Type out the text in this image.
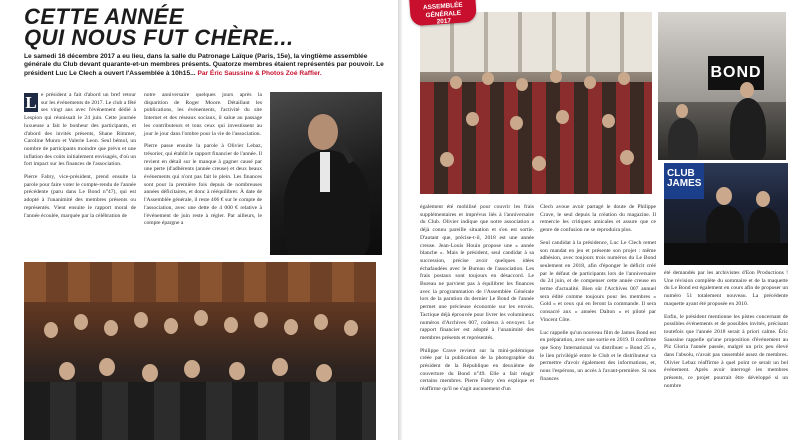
CETTE ANNÉE
QUI NOUS FUT CHÈRE...
Le samedi 16 décembre 2017 a eu lieu, dans la salle du Patronage Laïque (Paris, 15e), la vingtième assemblée générale du Club devant quarante-et-un membres présents. Quatorze membres étaient représentés par pouvoir. Le président Luc Le Clech a ouvert l'Assemblée à 10h15... Par Éric Saussine & Photos Zoé Raffier.

L e président a fait d'abord un bref retour sur les événements de 2017. Le club a fêté ses vingt ans avec l'événement dédié à Lespion qui réunissait le 24 juin. Cette journée luxueuse a fait le bonheur des participants, et d'abord des invités présents, Shane Rimmer, Caroline Munro et Valerie Leon. Seul bémol, un nombre de participants moindre que prévu et une inflation des coûts initialement envisagés, d'où un fort impact sur les finances de l'association.

Pierre Fabry, vice-président, prend ensuite la parole pour faire voter le compte-rendu de l'année précédente (paru dans Le Bond n°47), qui est adopté à l'unanimité des membres présents ou représentés. Vient ensuite le rapport moral de l'année écoulée, marquée par la célébration de

notre anniversaire quelques jours après la disparition de Roger Moore. Détaillant les publications, les événements, l'activité du site Internet et des réseaux sociaux, il salue au passage les contributeurs et tous ceux qui investissent au jour le jour dans l'ombre pour la vie de l'association.

Pierre passe ensuite la parole à Olivier Lebaz, trésorier, qui établit le rapport financier de l'année. Il revient en détail sur le manque à gagner causé par une perte (d'adhérents (année creuse) et deux beaux événements qui n'ont pas fait le plein. Les finances sont pour la première fois depuis de nombreuses années déficitaires, et donc à rééquilibrer. À date de l'Assemblée générale, il reste 406 € sur le compte de l'association, avec une dette de 4 000 € relative à l'événement de juin reste à régler. Par ailleurs, le compte épargne a

ASSEMBLÉE
GÉNÉRALE
2017
BOND
CLUB
JAMES

également été mobilisé pour couvrir les frais supplémentaires et imprévus liés à l'anniversaire du Club. Olivier indique que notre association a déjà connu pareille situation et s'en est sortie. D'autant que, précise-t-il, 2018 est une année creuse. Jean-Louis Houin propose une « année blanche ». Mais le président, seul candidat à sa succession, précise avoir quelques idées échafaudées avec le Bureau de l'association. Les frais postaux sont toujours en désaccord. Le Bureau ne parvient pas à équilibrer les finances avec la programmation de l'Assemblée Générale lors de la parution du dernier Le Bond de l'année permet une précieuse économie sur les envois. Tactique déjà éprouvée pour livrer les volumineux numéros d'Archives 007, coûteux à envoyer. Le rapport financier est adopté à l'unanimité des membres présents et représentés.

Philippe Crave revient sur la mini-polémique créée par la publication de la photographie du président de la République en deuxième de couverture du Bond n°49. Elle a fait réagir certains membres. Pierre Fabry s'en explique et réaffirme qu'il ne s'agit aucunement d'un

Clech avoue avoir partagé le doute de Philippe Crave, le seul depuis la création du magazine. Il remercie les critiques amicales et assure que ce genre de confusion ne se reproduira plus.

Seul candidat à la présidence, Luc Le Clech remet son mandat en jeu et présente son projet : même adhésion, avec toujours trois numéros du Le Bond seulement en 2018, afin d'éponger le déficit créé par le défaut de participants lors de l'anniversaire du 24 juin, et de compenser cette année creuse en terme d'actualité. Bien sûr l'Archives 007 annuel sera édité comme toujours pour les membres « Gold » et ceux qui en feront la commande. Il sera consacré aux « années Dalton » et piloté par Vincent Côte.

Luc rappelle qu'un nouveau film de James Bond est en préparation, avec une sortie en 2019. Il confirme que Sony International va distribuer « Bond 25 », le lien privilégié entre le Club et le distributeur va permettre d'avoir également des informations, et, nous l'espérons, un accès à l'avant-première. Si nos finances

été demandés par les archivistes d'Eon Productions ! Une révision complète du sommaire et de la maquette du Le Bond est également en cours afin de proposer un numéro 51 totalement nouveau. La précédente maquette ayant été proposée en 2010.

Enfin, le président mentionne les pistes concernant de possibles événements et de possibles invités, précisant toutefois que l'année 2018 serait à priori calme. Éric Saussine rappelle qu'une proposition d'événement au Piz Gloria l'année passée, malgré un prix peu élevé dans l'absolu, n'avait pas rassemblé assez de membres. Olivier Lebaz réaffirme à quel point ce serait un bel événement. Après avoir interrogé les membres présents, ce projet pourrait être développé si un nombre
